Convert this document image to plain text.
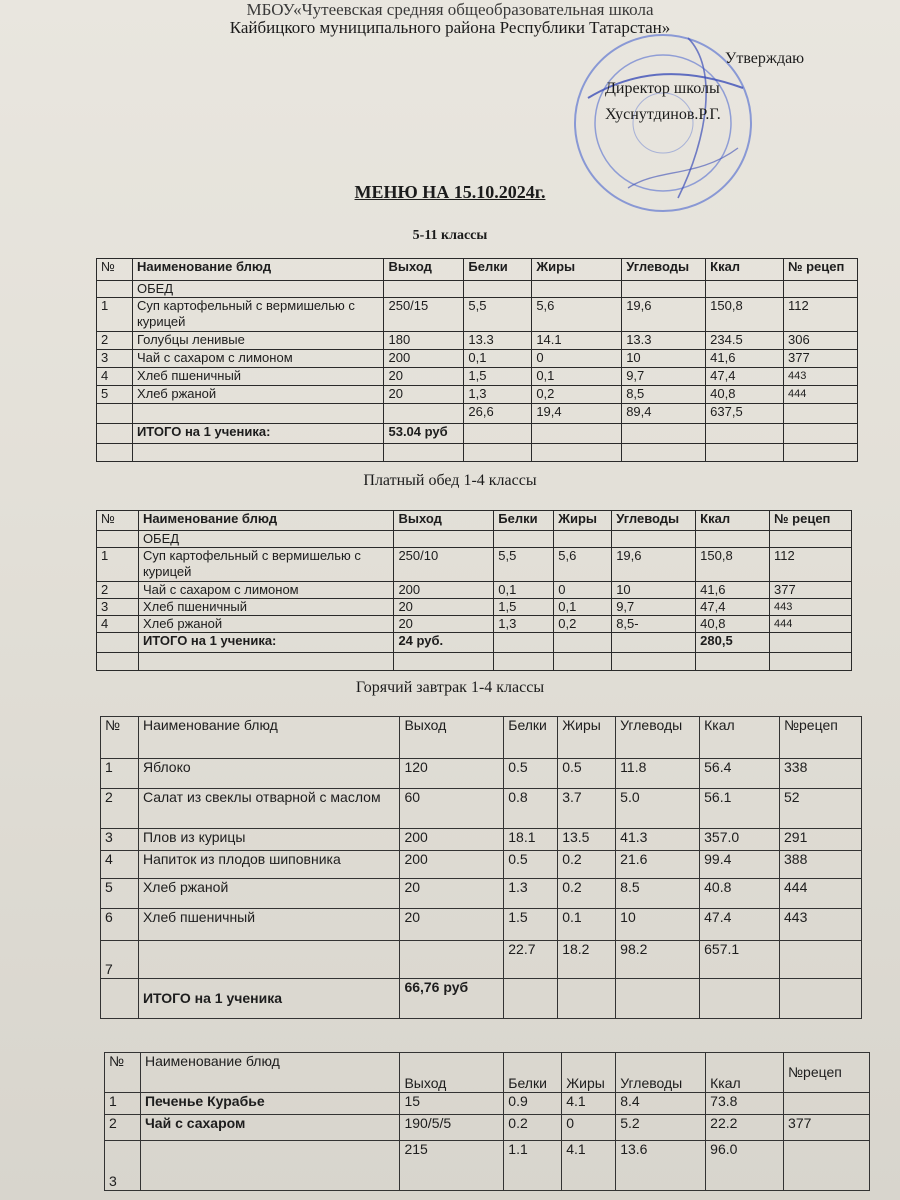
МБОУ«Чутеевская средняя общеобразовательная школа
Кайбицкого муниципального района Республики Татарстан»
Утверждаю
Директор школы
Хуснутдинов.Р.Г.
МЕНЮ НА 15.10.2024г.
5-11 классы
№	Наименование блюд	Выход	Белки	Жиры	Углеводы	Ккал	№ рецеп
	ОБЕД						
1	Суп картофельный с вермишелью с курицей	250/15	5,5	5,6	19,6	150,8	112
2	Голубцы ленивые	180	13.3	14.1	13.3	234.5	306
3	Чай с сахаром с лимоном	200	0,1	0	10	41,6	377
4	Хлеб пшеничный	20	1,5	0,1	9,7	47,4	443
5	Хлеб ржаной	20	1,3	0,2	8,5	40,8	444
			26,6	19,4	89,4	637,5	
	ИТОГО на 1 ученика:	53.04 руб					

Платный обед 1-4 классы
№	Наименование блюд	Выход	Белки	Жиры	Углеводы	Ккал	№ рецеп
	ОБЕД						
1	Суп картофельный с вермишелью с курицей	250/10	5,5	5,6	19,6	150,8	112
2	Чай с сахаром с лимоном	200	0,1	0	10	41,6	377
3	Хлеб пшеничный	20	1,5	0,1	9,7	47,4	443
4	Хлеб ржаной	20	1,3	0,2	8,5-	40,8	444
	ИТОГО на 1 ученика:	24 руб.				280,5	

Горячий завтрак 1-4 классы
№	Наименование блюд	Выход	Белки	Жиры	Углеводы	Ккал	№рецеп
1	Яблоко	120	0.5	0.5	11.8	56.4	338
2	Салат из свеклы отварной с маслом	60	0.8	3.7	5.0	56.1	52
3	Плов из курицы	200	18.1	13.5	41.3	357.0	291
4	Напиток из плодов шиповника	200	0.5	0.2	21.6	99.4	388
5	Хлеб ржаной	20	1.3	0.2	8.5	40.8	444
6	Хлеб пшеничный	20	1.5	0.1	10	47.4	443
7			22.7	18.2	98.2	657.1	
	ИТОГО на 1 ученика	66,76 руб					
№	Наименование блюд	Выход	Белки	Жиры	Углеводы	Ккал	№рецеп
1	Печенье Курабье	15	0.9	4.1	8.4	73.8	
2	Чай с сахаром	190/5/5	0.2	0	5.2	22.2	377
3		215	1.1	4.1	13.6	96.0	
